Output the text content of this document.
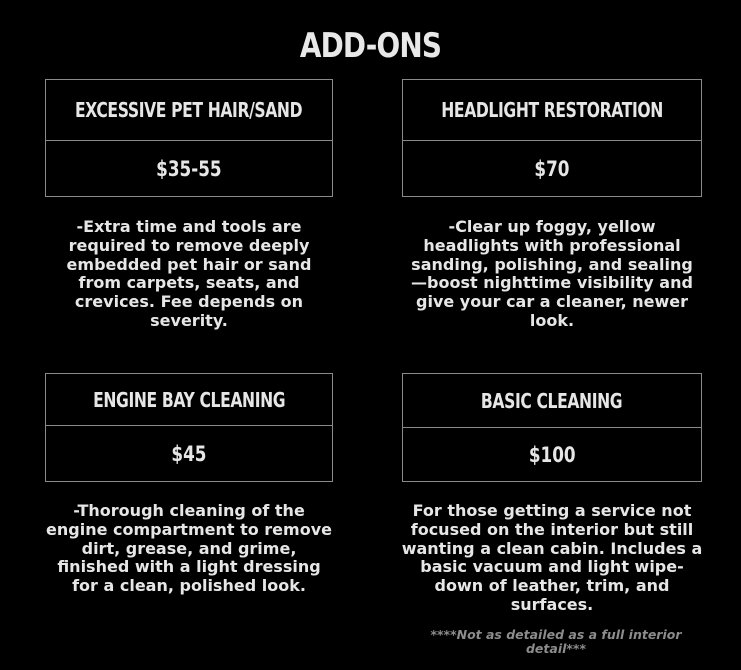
ADD-ONS
EXCESSIVE PET HAIR/SAND
$35-55

-Extra time and tools are required to remove deeply embedded pet hair or sand from carpets, seats, and crevices. Fee depends on severity.

HEADLIGHT RESTORATION
$70

-Clear up foggy, yellow headlights with professional sanding, polishing, and sealing—boost nighttime visibility and give your car a cleaner, newer look.

ENGINE BAY CLEANING
$45

-Thorough cleaning of the engine compartment to remove dirt, grease, and grime, finished with a light dressing for a clean, polished look.

BASIC CLEANING
$100

For those getting a service not focused on the interior but still wanting a clean cabin. Includes a basic vacuum and light wipe-down of leather, trim, and surfaces.

****Not as detailed as a full interior detail***
